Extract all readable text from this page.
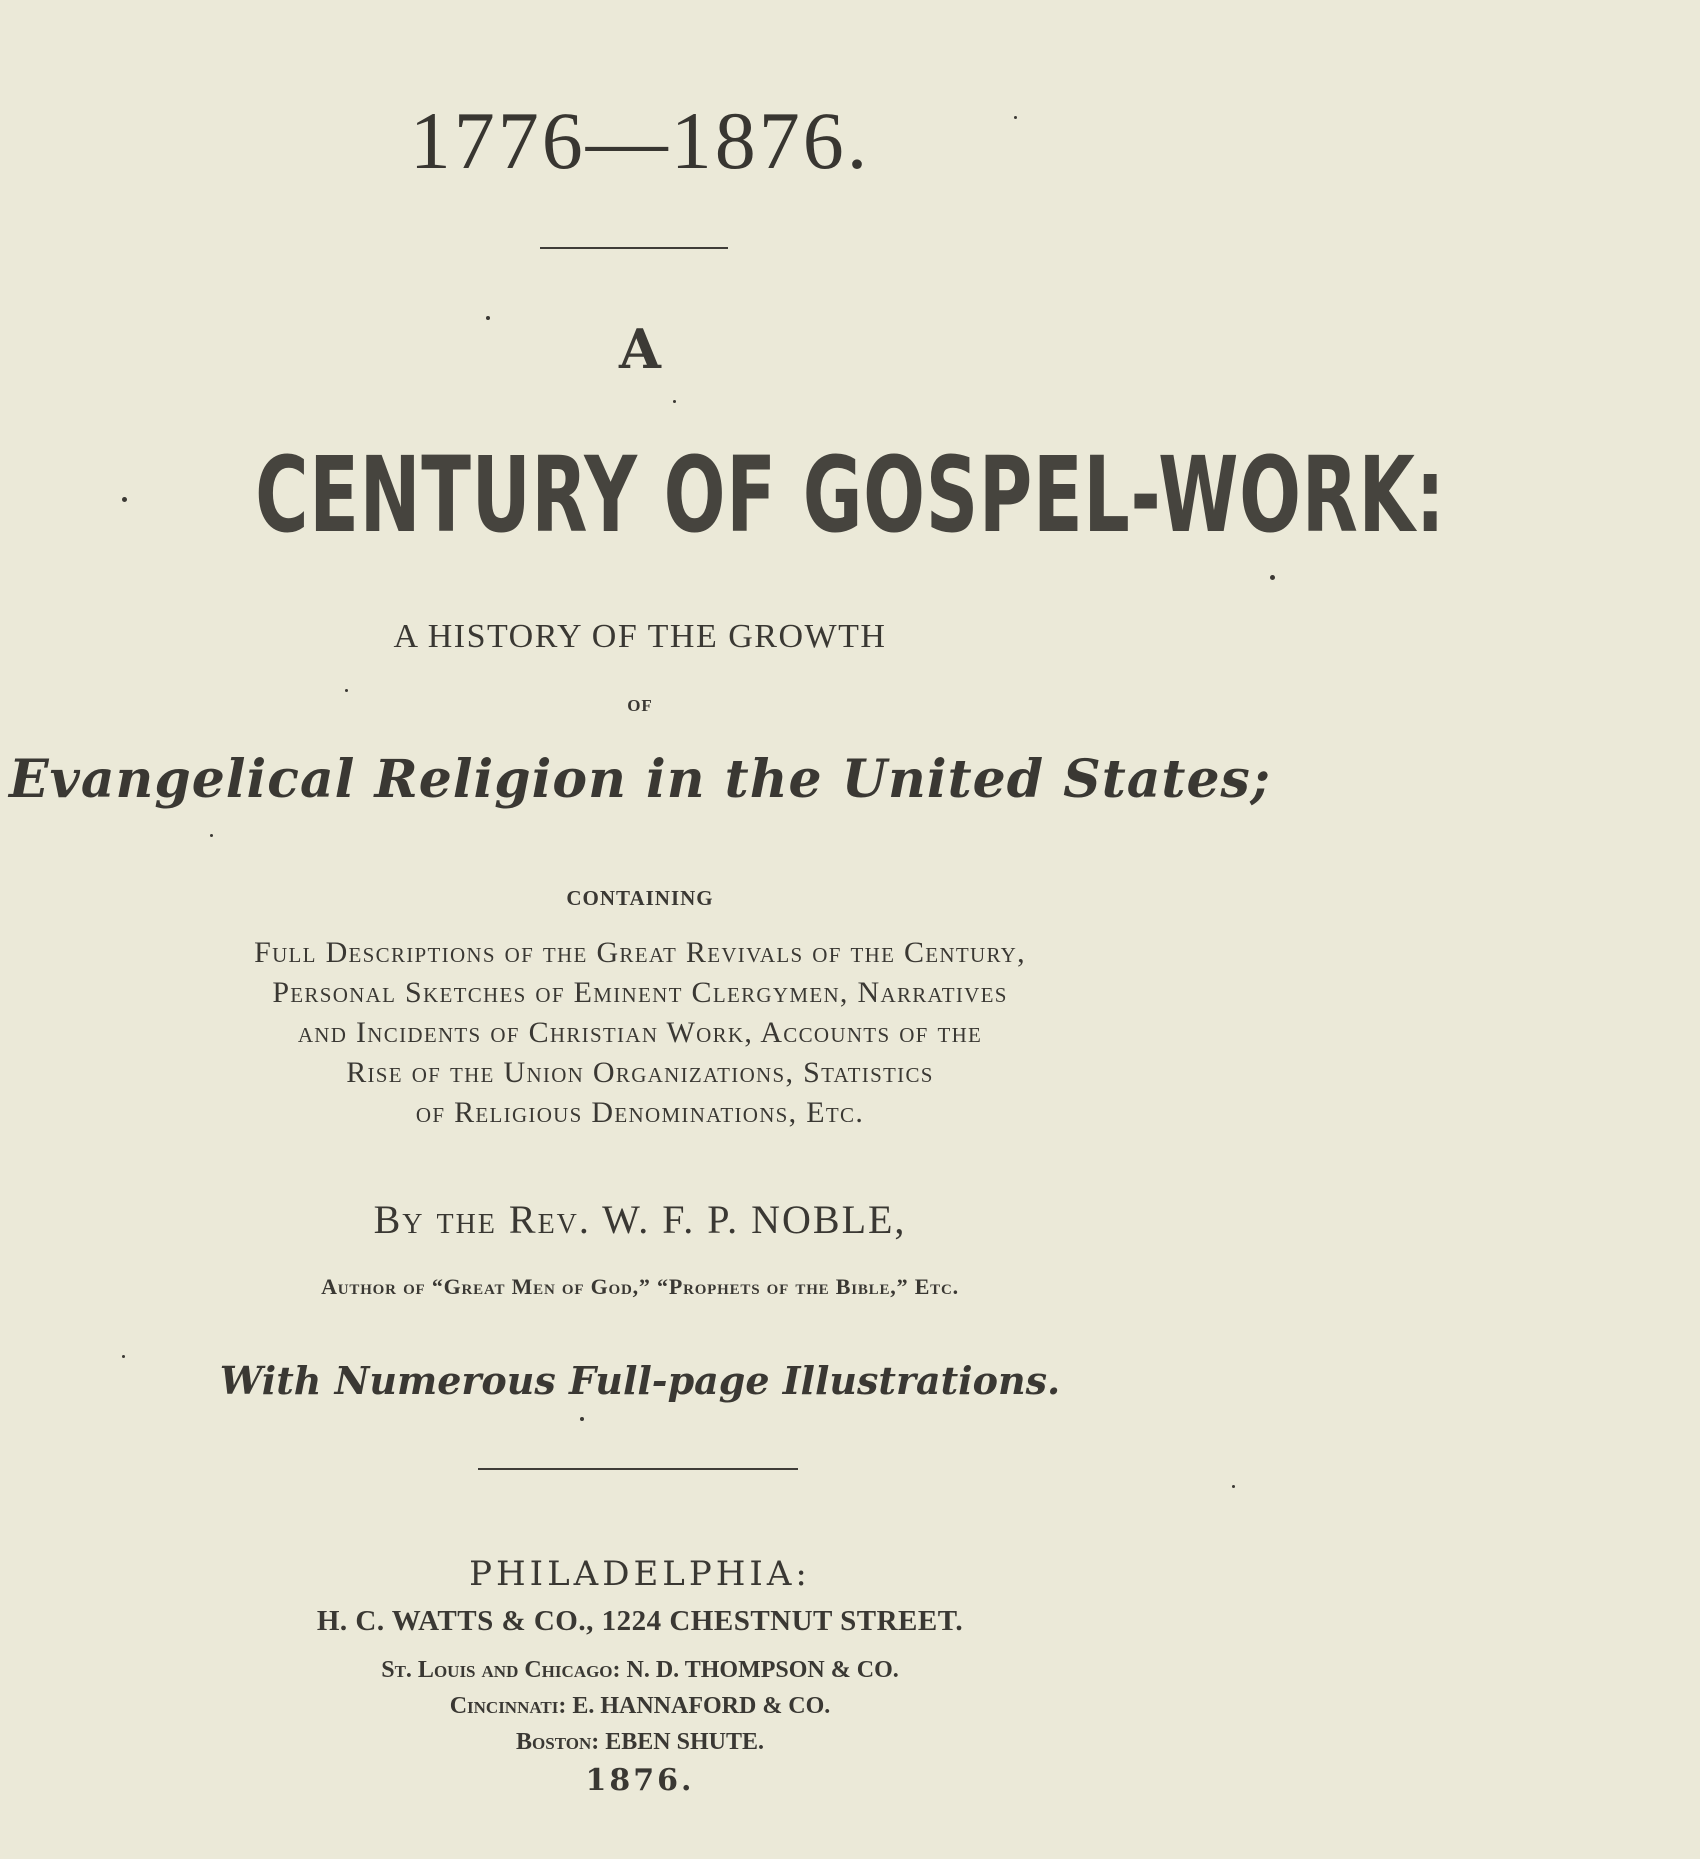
1776—1876.
A
CENTURY OF GOSPEL-WORK:
A HISTORY OF THE GROWTH
OF
Evangelical Religion in the United States;
CONTAINING
Full Descriptions of the Great Revivals of the Century,
Personal Sketches of Eminent Clergymen, Narratives
and Incidents of Christian Work, Accounts of the
Rise of the Union Organizations, Statistics
of Religious Denominations, Etc.
By the Rev. W. F. P. NOBLE,
Author of “Great Men of God,” “Prophets of the Bible,” Etc.
With Numerous Full-page Illustrations.
PHILADELPHIA:
H. C. WATTS & CO., 1224 CHESTNUT STREET.
St. Louis and Chicago: N. D. THOMPSON & CO.
Cincinnati: E. HANNAFORD & CO.
Boston: EBEN SHUTE.
1876.
